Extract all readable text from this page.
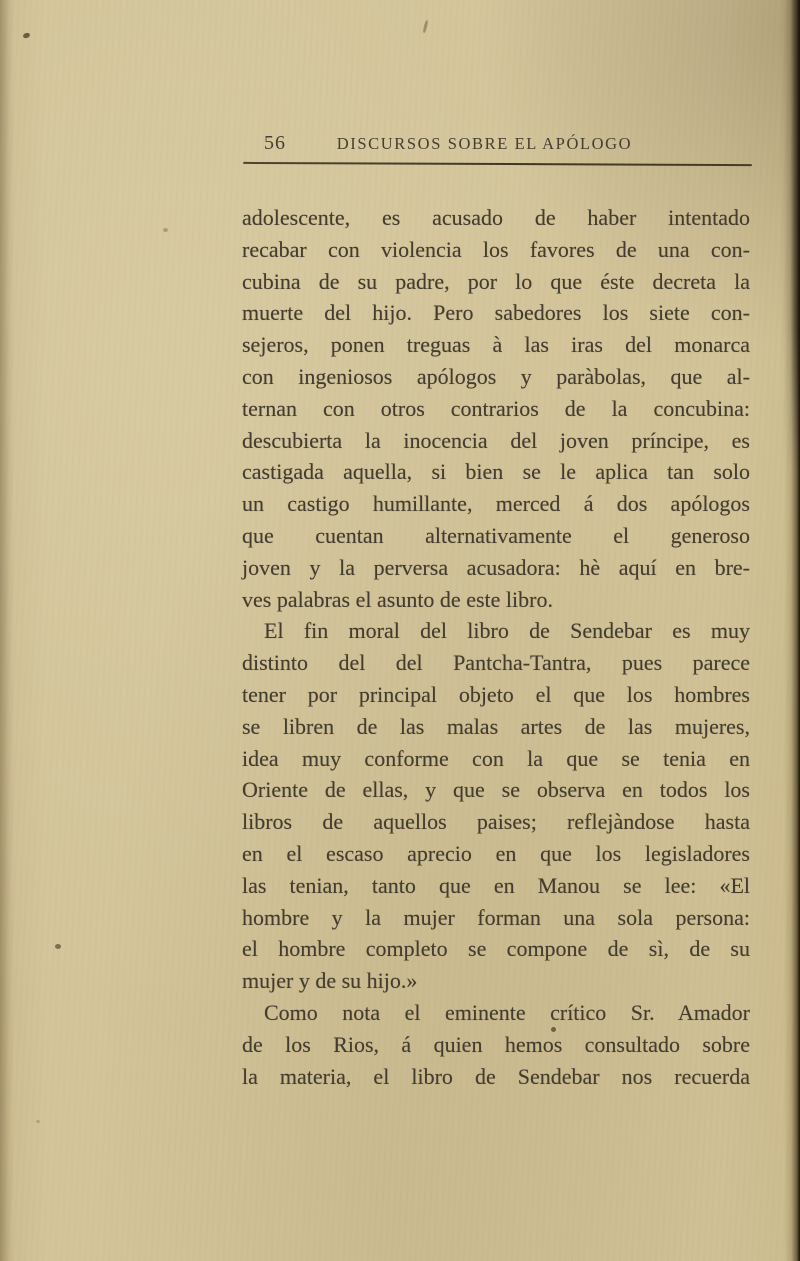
56	DISCURSOS SOBRE EL APÓLOGO
adolescente, es acusado de haber intentado
recabar con violencia los favores de una con-
cubina de su padre, por lo que éste decreta la
muerte del hijo. Pero sabedores los siete con-
sejeros, ponen treguas à las iras del monarca
con ingeniosos apólogos y paràbolas, que al-
ternan con otros contrarios de la concubina:
descubierta la inocencia del joven príncipe, es
castigada aquella, si bien se le aplica tan solo
un castigo humillante, merced á dos apólogos
que cuentan alternativamente el generoso
joven y la perversa acusadora: hè aquí en bre-
ves palabras el asunto de este libro.
El fin moral del libro de Sendebar es muy
distinto del del Pantcha-Tantra, pues parece
tener por principal objeto el que los hombres
se libren de las malas artes de las mujeres,
idea muy conforme con la que se tenia en
Oriente de ellas, y que se observa en todos los
libros de aquellos paises; reflejàndose hasta
en el escaso aprecio en que los legisladores
las tenian, tanto que en Manou se lee: «El
hombre y la mujer forman una sola persona:
el hombre completo se compone de sì, de su
mujer y de su hijo.»
Como nota el eminente crítico Sr. Amador
de los Rios, á quien hemos consultado sobre
la materia, el libro de Sendebar nos recuerda
